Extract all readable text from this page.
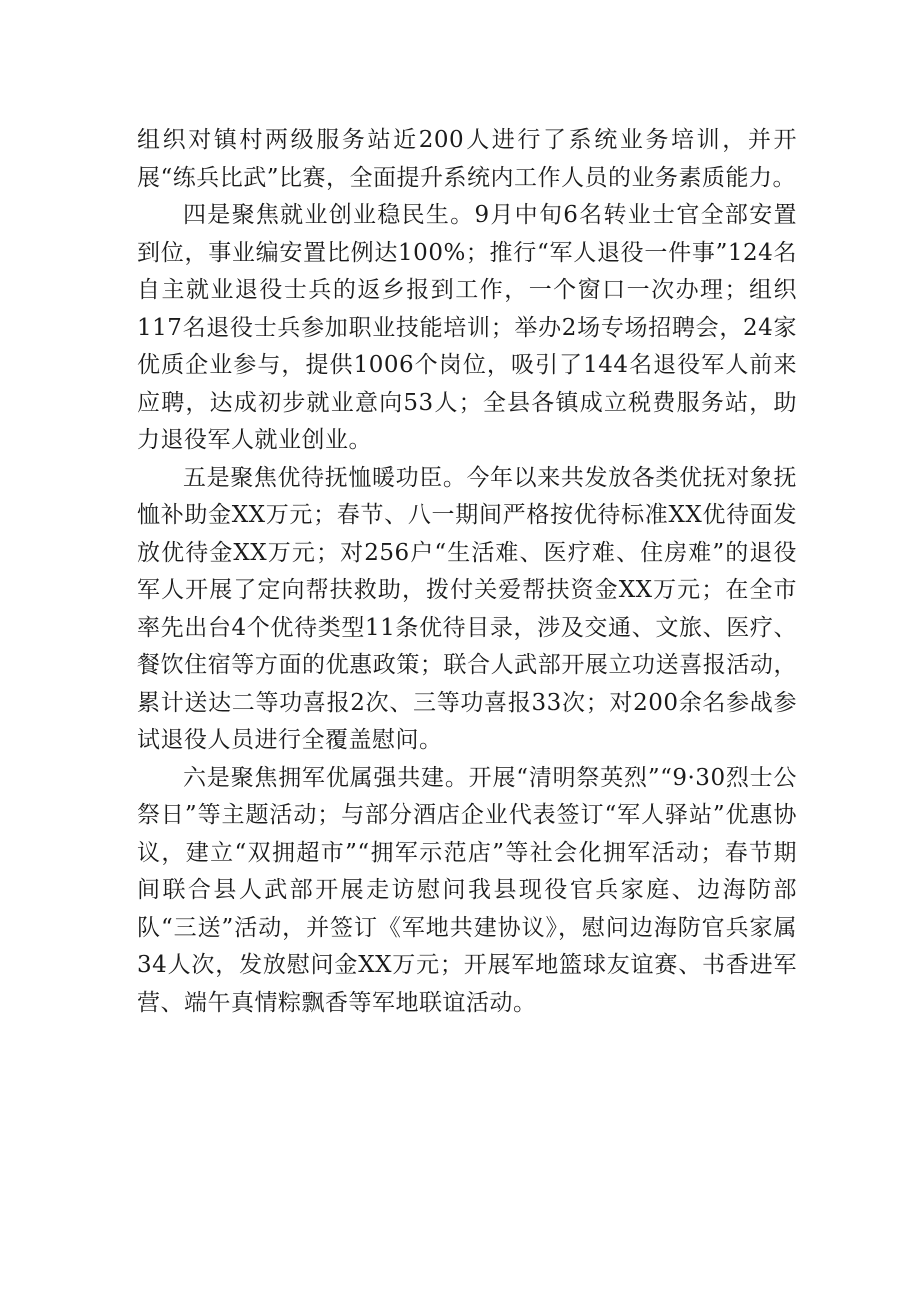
组织对镇村两级服务站近200人进行了系统业务培训，并开展“练兵比武”比赛，全面提升系统内工作人员的业务素质能力。

四是聚焦就业创业稳民生。9月中旬6名转业士官全部安置到位，事业编安置比例达100%；推行“军人退役一件事”124名自主就业退役士兵的返乡报到工作，一个窗口一次办理；组织117名退役士兵参加职业技能培训；举办2场专场招聘会，24家优质企业参与，提供1006个岗位，吸引了144名退役军人前来应聘，达成初步就业意向53人；全县各镇成立税费服务站，助力退役军人就业创业。

五是聚焦优待抚恤暖功臣。今年以来共发放各类优抚对象抚恤补助金XX万元；春节、八一期间严格按优待标准XX优待面发放优待金XX万元；对256户“生活难、医疗难、住房难”的退役军人开展了定向帮扶救助，拨付关爱帮扶资金XX万元；在全市率先出台4个优待类型11条优待目录，涉及交通、文旅、医疗、餐饮住宿等方面的优惠政策；联合人武部开展立功送喜报活动，累计送达二等功喜报2次、三等功喜报33次；对200余名参战参试退役人员进行全覆盖慰问。

六是聚焦拥军优属强共建。开展“清明祭英烈”“9·30烈士公祭日”等主题活动；与部分酒店企业代表签订“军人驿站”优惠协议，建立“双拥超市”“拥军示范店”等社会化拥军活动；春节期间联合县人武部开展走访慰问我县现役官兵家庭、边海防部队“三送”活动，并签订《军地共建协议》，慰问边海防官兵家属34人次，发放慰问金XX万元；开展军地篮球友谊赛、书香进军营、端午真情粽飘香等军地联谊活动。
